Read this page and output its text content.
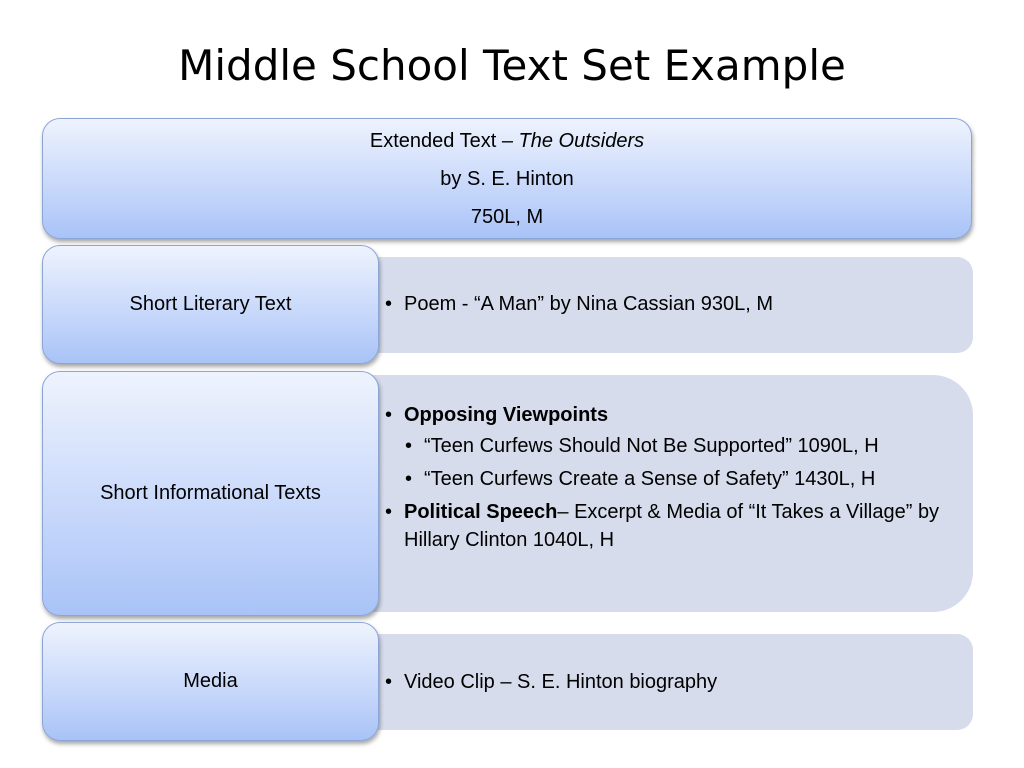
Middle School Text Set Example
Extended Text – The Outsiders
by S. E. Hinton
750L, M
Short Literary Text	• Poem - “A Man” by Nina Cassian 930L, M
Short Informational Texts
• Opposing Viewpoints
• “Teen Curfews Should Not Be Supported” 1090L, H
• “Teen Curfews Create a Sense of Safety” 1430L, H
• Political Speech– Excerpt & Media of “It Takes a Village” by Hillary Clinton 1040L, H
Media	• Video Clip – S. E. Hinton biography
